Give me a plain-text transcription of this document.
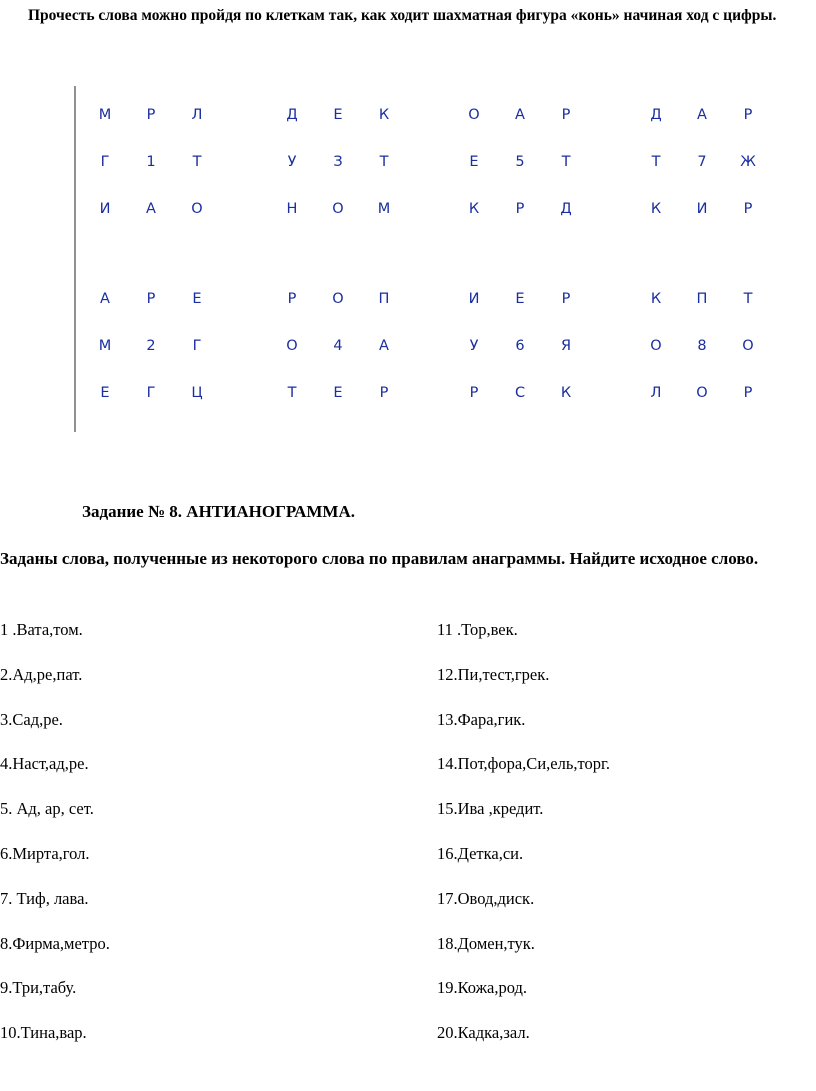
Прочесть слова можно пройдя по клеткам так, как ходит шахматная фигура «конь» начиная ход с цифры.
М	Р	Л
Г	1	Т
И	А	О
Д	Е	К
У	З	Т
Н	О	М
О	А	Р
Е	5	Т
К	Р	Д
Д	А	Р
Т	7	Ж
К	И	Р
А	Р	Е
М	2	Г
Е	Г	Ц
Р	О	П
О	4	А
Т	Е	Р
И	Е	Р
У	6	Я
Р	С	К
К	П	Т
О	8	О
Л	О	Р
Задание № 8. АНТИАНОГРАММА.
Заданы слова, полученные из некоторого слова по правилам анаграммы. Найдите исходное слово.
1 .Вата,том.
2.Ад,ре,пат.
3.Сад,ре.
4.Наст,ад,ре.
5. Ад, ар, сет.
6.Мирта,гол.
7. Тиф, лава.
8.Фирма,метро.
9.Три,табу.
10.Тина,вар.
11 .Тор,век.
12.Пи,тест,грек.
13.Фара,гик.
14.Пот,фора,Си,ель,торг.
15.Ива ,кредит.
16.Детка,си.
17.Овод,диск.
18.Домен,тук.
19.Кожа,род.
20.Кадка,зал.
